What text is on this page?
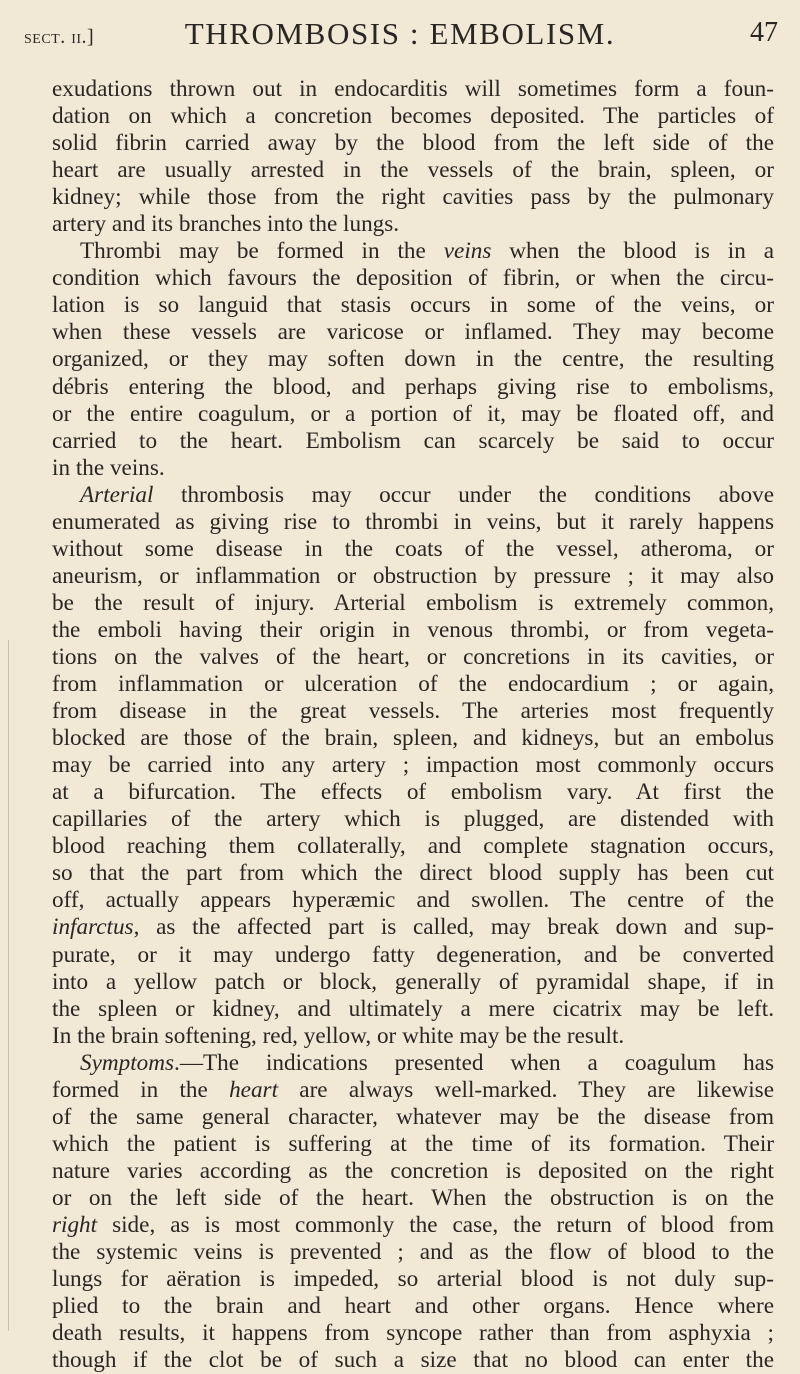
sect. ii.]	THROMBOSIS : EMBOLISM.	47
exudations thrown out in endocarditis will sometimes form a foun-
dation on which a concretion becomes deposited. The particles of
solid fibrin carried away by the blood from the left side of the
heart are usually arrested in the vessels of the brain, spleen, or
kidney; while those from the right cavities pass by the pulmonary
artery and its branches into the lungs.
Thrombi may be formed in the veins when the blood is in a
condition which favours the deposition of fibrin, or when the circu-
lation is so languid that stasis occurs in some of the veins, or
when these vessels are varicose or inflamed. They may become
organized, or they may soften down in the centre, the resulting
débris entering the blood, and perhaps giving rise to embolisms,
or the entire coagulum, or a portion of it, may be floated off, and
carried to the heart. Embolism can scarcely be said to occur
in the veins.
Arterial thrombosis may occur under the conditions above
enumerated as giving rise to thrombi in veins, but it rarely happens
without some disease in the coats of the vessel, atheroma, or
aneurism, or inflammation or obstruction by pressure ; it may also
be the result of injury. Arterial embolism is extremely common,
the emboli having their origin in venous thrombi, or from vegeta-
tions on the valves of the heart, or concretions in its cavities, or
from inflammation or ulceration of the endocardium ; or again,
from disease in the great vessels. The arteries most frequently
blocked are those of the brain, spleen, and kidneys, but an embolus
may be carried into any artery ; impaction most commonly occurs
at a bifurcation. The effects of embolism vary. At first the
capillaries of the artery which is plugged, are distended with
blood reaching them collaterally, and complete stagnation occurs,
so that the part from which the direct blood supply has been cut
off, actually appears hyperæmic and swollen. The centre of the
infarctus, as the affected part is called, may break down and sup-
purate, or it may undergo fatty degeneration, and be converted
into a yellow patch or block, generally of pyramidal shape, if in
the spleen or kidney, and ultimately a mere cicatrix may be left.
In the brain softening, red, yellow, or white may be the result.
Symptoms.—The indications presented when a coagulum has
formed in the heart are always well-marked. They are likewise
of the same general character, whatever may be the disease from
which the patient is suffering at the time of its formation. Their
nature varies according as the concretion is deposited on the right
or on the left side of the heart. When the obstruction is on the
right side, as is most commonly the case, the return of blood from
the systemic veins is prevented ; and as the flow of blood to the
lungs for aëration is impeded, so arterial blood is not duly sup-
plied to the brain and heart and other organs. Hence where
death results, it happens from syncope rather than from asphyxia ;
though if the clot be of such a size that no blood can enter the
